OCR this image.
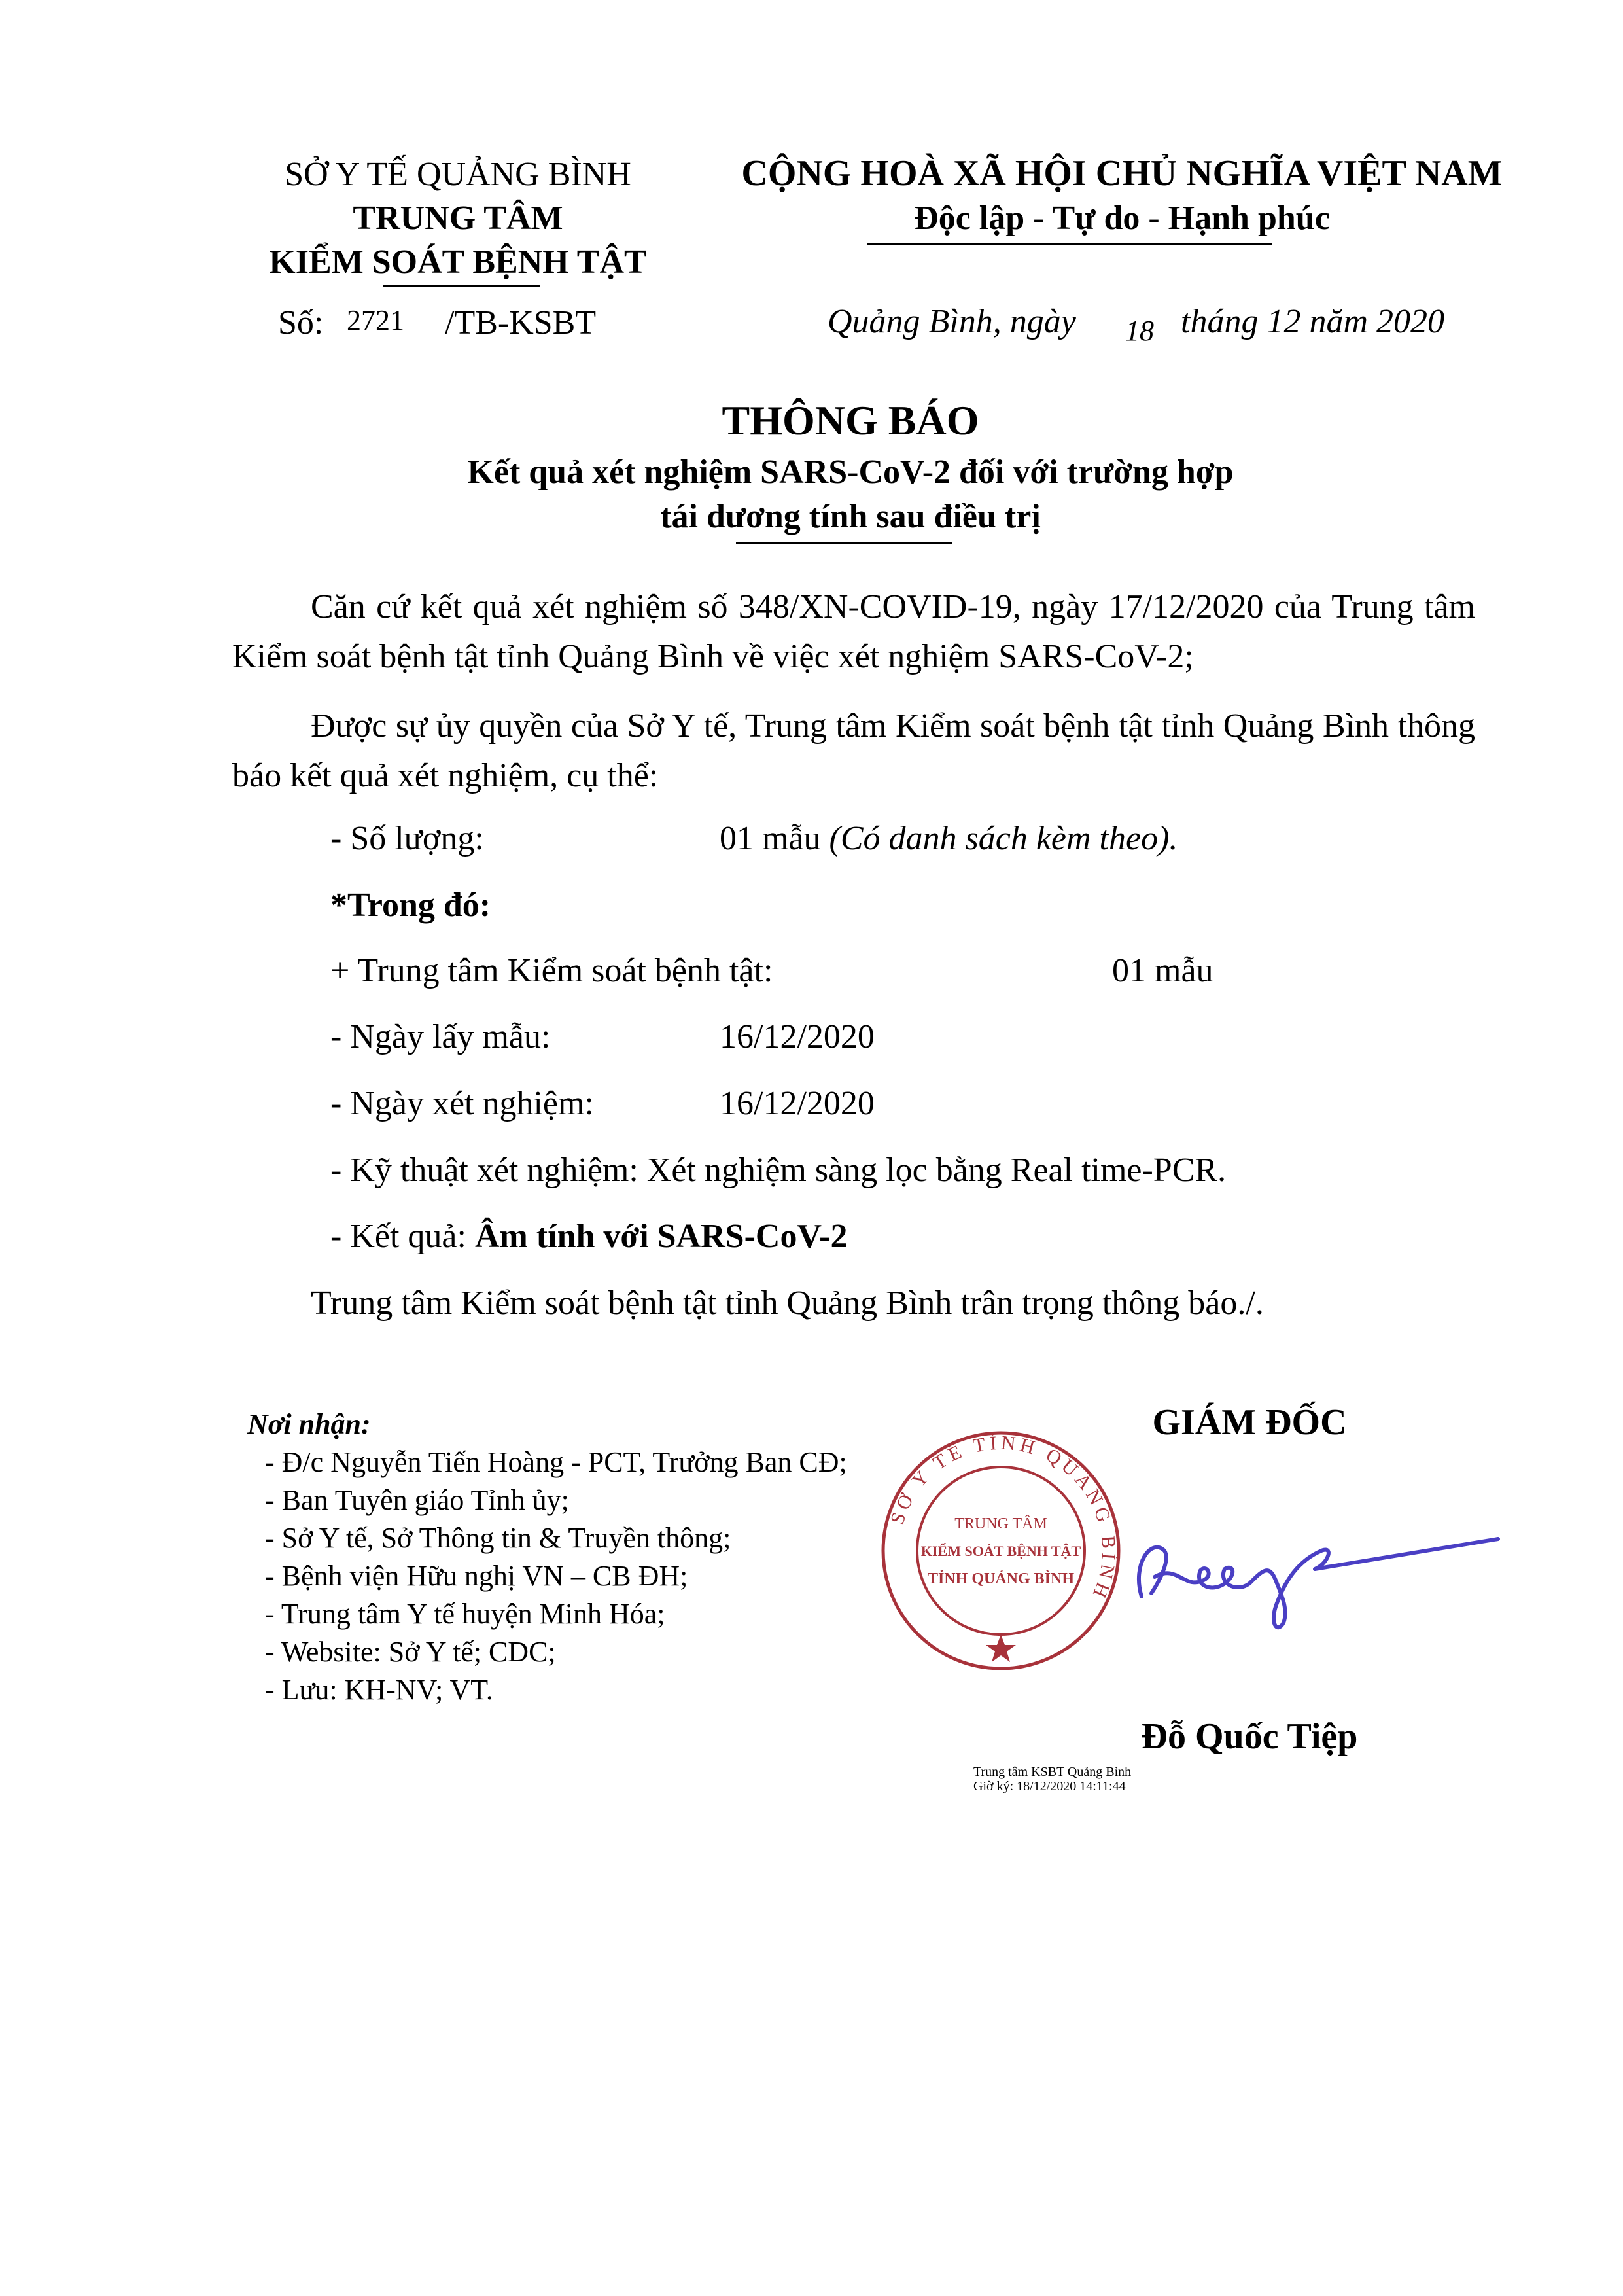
SỞ Y TẾ QUẢNG BÌNH
TRUNG TÂM
KIỂM SOÁT BỆNH TẬT
Số: 2721 /TB-KSBT
CỘNG HOÀ XÃ HỘI CHỦ NGHĨA VIỆT NAM
Độc lập - Tự do - Hạnh phúc
Quảng Bình, ngày 18 tháng 12 năm 2020
THÔNG BÁO
Kết quả xét nghiệm SARS-CoV-2 đối với trường hợp
tái dương tính sau điều trị
Căn cứ kết quả xét nghiệm số 348/XN-COVID-19, ngày 17/12/2020 của Trung tâm Kiểm soát bệnh tật tỉnh Quảng Bình về việc xét nghiệm SARS-CoV-2;
Được sự ủy quyền của Sở Y tế, Trung tâm Kiểm soát bệnh tật tỉnh Quảng Bình thông báo kết quả xét nghiệm, cụ thể:
- Số lượng:	01 mẫu (Có danh sách kèm theo).
*Trong đó:
+ Trung tâm Kiểm soát bệnh tật:	01 mẫu
- Ngày lấy mẫu:	16/12/2020
- Ngày xét nghiệm:	16/12/2020
- Kỹ thuật xét nghiệm: Xét nghiệm sàng lọc bằng Real time-PCR.
- Kết quả: Âm tính với SARS-CoV-2
Trung tâm Kiểm soát bệnh tật tỉnh Quảng Bình trân trọng thông báo./.
Nơi nhận:
- Đ/c Nguyễn Tiến Hoàng - PCT, Trưởng Ban CĐ;
- Ban Tuyên giáo Tỉnh ủy;
- Sở Y tế, Sở Thông tin & Truyền thông;
- Bệnh viện Hữu nghị VN – CB ĐH;
- Trung tâm Y tế huyện Minh Hóa;
- Website: Sở Y tế; CDC;
- Lưu: KH-NV; VT.
GIÁM ĐỐC
SỞ Y TẾ TỈNH QUẢNG BÌNH
TRUNG TÂM
KIỂM SOÁT BỆNH TẬT
TỈNH QUẢNG BÌNH
Đỗ Quốc Tiệp
Trung tâm KSBT Quảng Bình
Giờ ký: 18/12/2020 14:11:44
